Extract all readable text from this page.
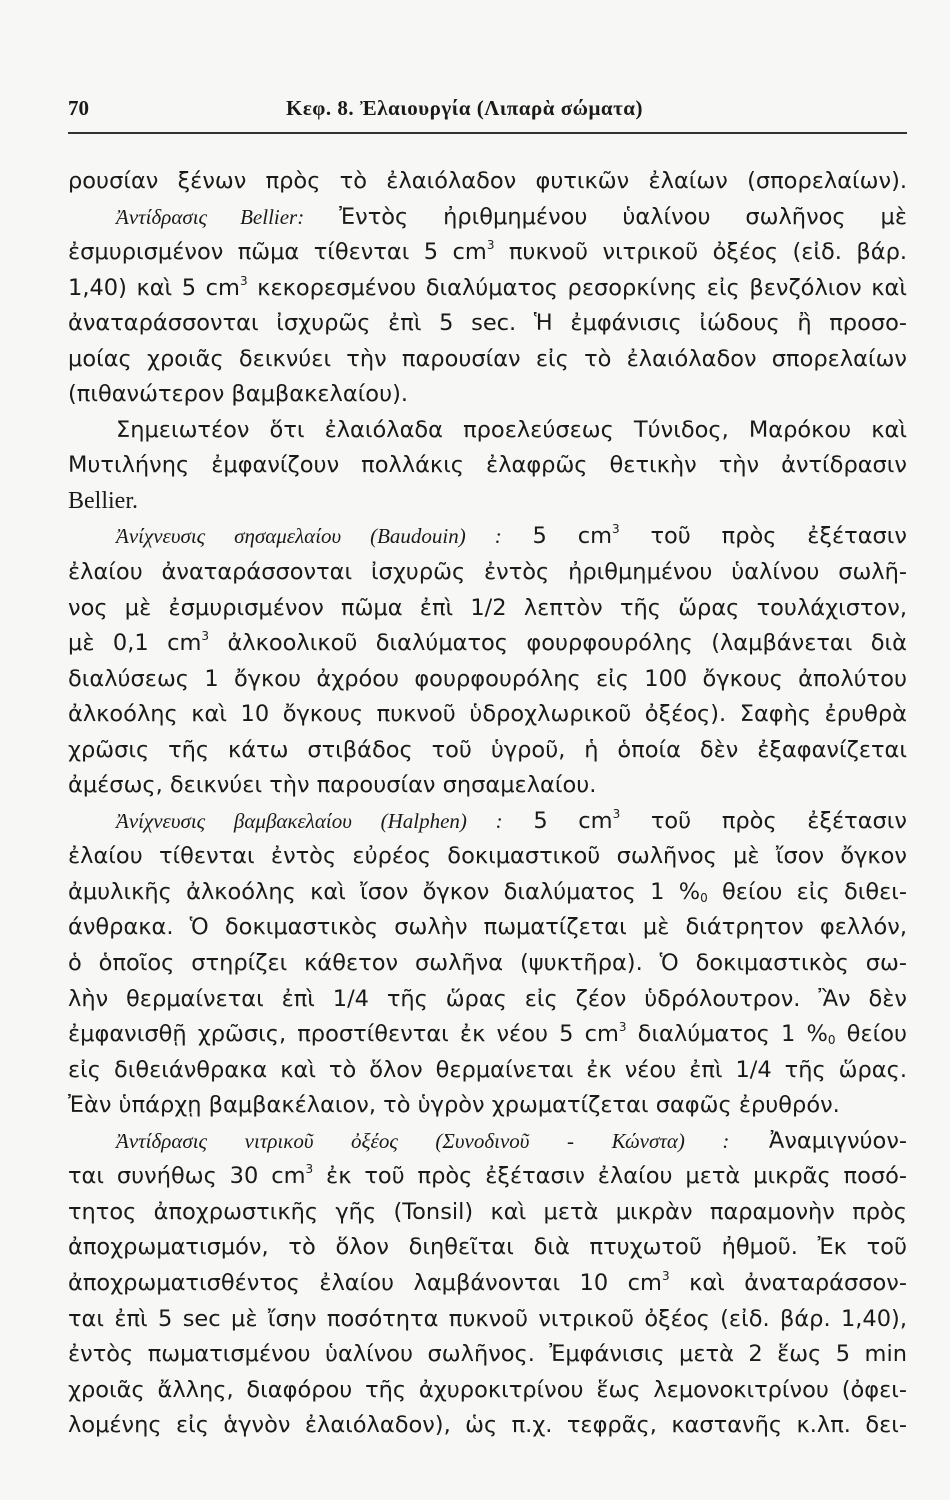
70	Κεφ. 8. Ἐλαιουργία (Λιπαρὰ σώματα)
ρουσίαν ξένων πρὸς τὸ ἐλαιόλαδον φυτικῶν ἐλαίων (σπορελαίων).
Ἀντίδρασις Bellier: Ἐντὸς ἠριθμημένου ὑαλίνου σωλῆνος μὲ
ἐσμυρισμένον πῶμα τίθενται 5 $cm^3$ πυκνοῦ νιτρικοῦ ὀξέος (εἰδ. βάρ.
1,40) καὶ 5 $cm^3$ κεκορεσμένου διαλύματος ρεσορκίνης εἰς βενζόλιον καὶ
ἀναταράσσονται ἰσχυρῶς ἐπὶ 5 sec. Ἡ ἐμφάνισις ἰώδους ἢ προσο-
μοίας χροιᾶς δεικνύει τὴν παρουσίαν εἰς τὸ ἐλαιόλαδον σπορελαίων
(πιθανώτερον βαμβακελαίου).
Σημειωτέον ὅτι ἐλαιόλαδα προελεύσεως Τύνιδος, Μαρόκου καὶ
Μυτιλήνης ἐμφανίζουν πολλάκις ἐλαφρῶς θετικὴν τὴν ἀντίδρασιν
Bellier.
Ἀνίχνευσις σησαμελαίου (Baudouin) : 5 $cm^3$ τοῦ πρὸς ἐξέτασιν
ἐλαίου ἀναταράσσονται ἰσχυρῶς ἐντὸς ἠριθμημένου ὑαλίνου σωλῆ-
νος μὲ ἐσμυρισμένον πῶμα ἐπὶ 1/2 λεπτὸν τῆς ὥρας τουλάχιστον,
μὲ 0,1 $cm^3$ ἀλκοολικοῦ διαλύματος φουρφουρόλης (λαμβάνεται διὰ
διαλύσεως 1 ὄγκου ἀχρόου φουρφουρόλης εἰς 100 ὄγκους ἀπολύτου
ἀλκοόλης καὶ 10 ὄγκους πυκνοῦ ὑδροχλωρικοῦ ὀξέος). Σαφὴς ἐρυθρὰ
χρῶσις τῆς κάτω στιβάδος τοῦ ὑγροῦ, ἡ ὁποία δὲν ἐξαφανίζεται
ἀμέσως, δεικνύει τὴν παρουσίαν σησαμελαίου.
Ἀνίχνευσις βαμβακελαίου (Halphen) : 5 $cm^3$ τοῦ πρὸς ἐξέτασιν
ἐλαίου τίθενται ἐντὸς εὐρέος δοκιμαστικοῦ σωλῆνος μὲ ἴσον ὄγκον
ἀμυλικῆς ἀλκοόλης καὶ ἴσον ὄγκον διαλύματος 1 $\%_0$ θείου εἰς διθει-
άνθρακα. Ὁ δοκιμαστικὸς σωλὴν πωματίζεται μὲ διάτρητον φελλόν,
ὁ ὁποῖος στηρίζει κάθετον σωλῆνα (ψυκτῆρα). Ὁ δοκιμαστικὸς σω-
λὴν θερμαίνεται ἐπὶ 1/4 τῆς ὥρας εἰς ζέον ὑδρόλουτρον. Ἂν δὲν
ἐμφανισθῇ χρῶσις, προστίθενται ἐκ νέου 5 $cm^3$ διαλύματος 1 $\%_0$ θείου
εἰς διθειάνθρακα καὶ τὸ ὅλον θερμαίνεται ἐκ νέου ἐπὶ 1/4 τῆς ὥρας.
Ἐὰν ὑπάρχῃ βαμβακέλαιον, τὸ ὑγρὸν χρωματίζεται σαφῶς ἐρυθρόν.
Ἀντίδρασις νιτρικοῦ ὀξέος (Συνοδινοῦ - Κώνστα) : Ἀναμιγνύον-
ται συνήθως 30 $cm^3$ ἐκ τοῦ πρὸς ἐξέτασιν ἐλαίου μετὰ μικρᾶς ποσό-
τητος ἀποχρωστικῆς γῆς (Tonsil) καὶ μετὰ μικρὰν παραμονὴν πρὸς
ἀποχρωματισμόν, τὸ ὅλον διηθεῖται διὰ πτυχωτοῦ ἠθμοῦ. Ἐκ τοῦ
ἀποχρωματισθέντος ἐλαίου λαμβάνονται 10 $cm^3$ καὶ ἀναταράσσον-
ται ἐπὶ 5 sec μὲ ἴσην ποσότητα πυκνοῦ νιτρικοῦ ὀξέος (εἰδ. βάρ. 1,40),
ἐντὸς πωματισμένου ὑαλίνου σωλῆνος. Ἐμφάνισις μετὰ 2 ἕως 5 min
χροιᾶς ἄλλης, διαφόρου τῆς ἀχυροκιτρίνου ἕως λεμονοκιτρίνου (ὀφει-
λομένης εἰς ἁγνὸν ἐλαιόλαδον), ὡς π.χ. τεφρᾶς, καστανῆς κ.λπ. δει-
